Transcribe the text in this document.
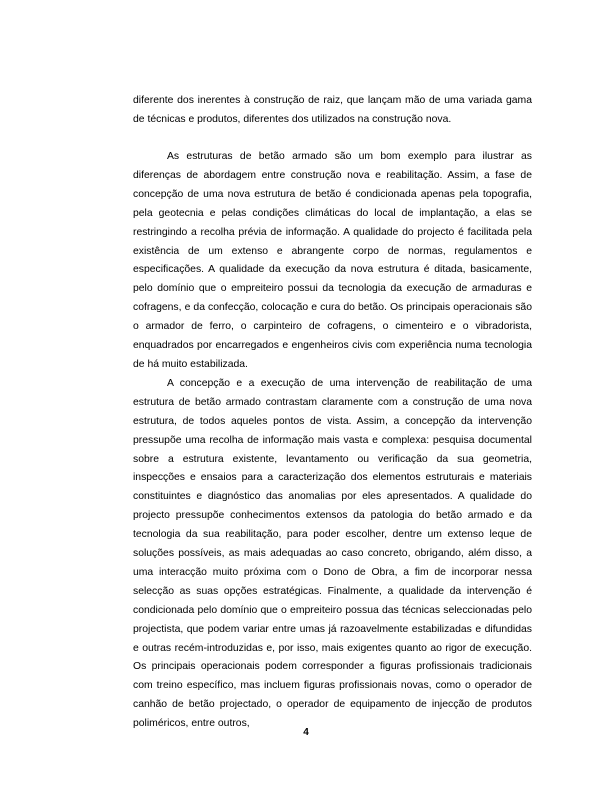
diferente dos inerentes à construção de raiz, que lançam mão de uma variada gama de técnicas e produtos, diferentes dos utilizados na construção nova.

As estruturas de betão armado são um bom exemplo para ilustrar as diferenças de abordagem entre construção nova e reabilitação. Assim, a fase de concepção de uma nova estrutura de betão é condicionada apenas pela topografia, pela geotecnia e pelas condições climáticas do local de implantação, a elas se restringindo a recolha prévia de informação. A qualidade do projecto é facilitada pela existência de um extenso e abrangente corpo de normas, regulamentos e especificações. A qualidade da execução da nova estrutura é ditada, basicamente, pelo domínio que o empreiteiro possui da tecnologia da execução de armaduras e cofragens, e da confecção, colocação e cura do betão. Os principais operacionais são o armador de ferro, o carpinteiro de cofragens, o cimenteiro e o vibradorista, enquadrados por encarregados e engenheiros civis com experiência numa tecnologia de há muito estabilizada.

A concepção e a execução de uma intervenção de reabilitação de uma estrutura de betão armado contrastam claramente com a construção de uma nova estrutura, de todos aqueles pontos de vista. Assim, a concepção da intervenção pressupõe uma recolha de informação mais vasta e complexa: pesquisa documental sobre a estrutura existente, levantamento ou verificação da sua geometria, inspecções e ensaios para a caracterização dos elementos estruturais e materiais constituintes e diagnóstico das anomalias por eles apresentados. A qualidade do projecto pressupõe conhecimentos extensos da patologia do betão armado e da tecnologia da sua reabilitação, para poder escolher, dentre um extenso leque de soluções possíveis, as mais adequadas ao caso concreto, obrigando, além disso, a uma interacção muito próxima com o Dono de Obra, a fim de incorporar nessa selecção as suas opções estratégicas. Finalmente, a qualidade da intervenção é condicionada pelo domínio que o empreiteiro possua das técnicas seleccionadas pelo projectista, que podem variar entre umas já razoavelmente estabilizadas e difundidas e outras recém-introduzidas e, por isso, mais exigentes quanto ao rigor de execução. Os principais operacionais podem corresponder a figuras profissionais tradicionais com treino específico, mas incluem figuras profissionais novas, como o operador de canhão de betão projectado, o operador de equipamento de injecção de produtos poliméricos, entre outros,

4
